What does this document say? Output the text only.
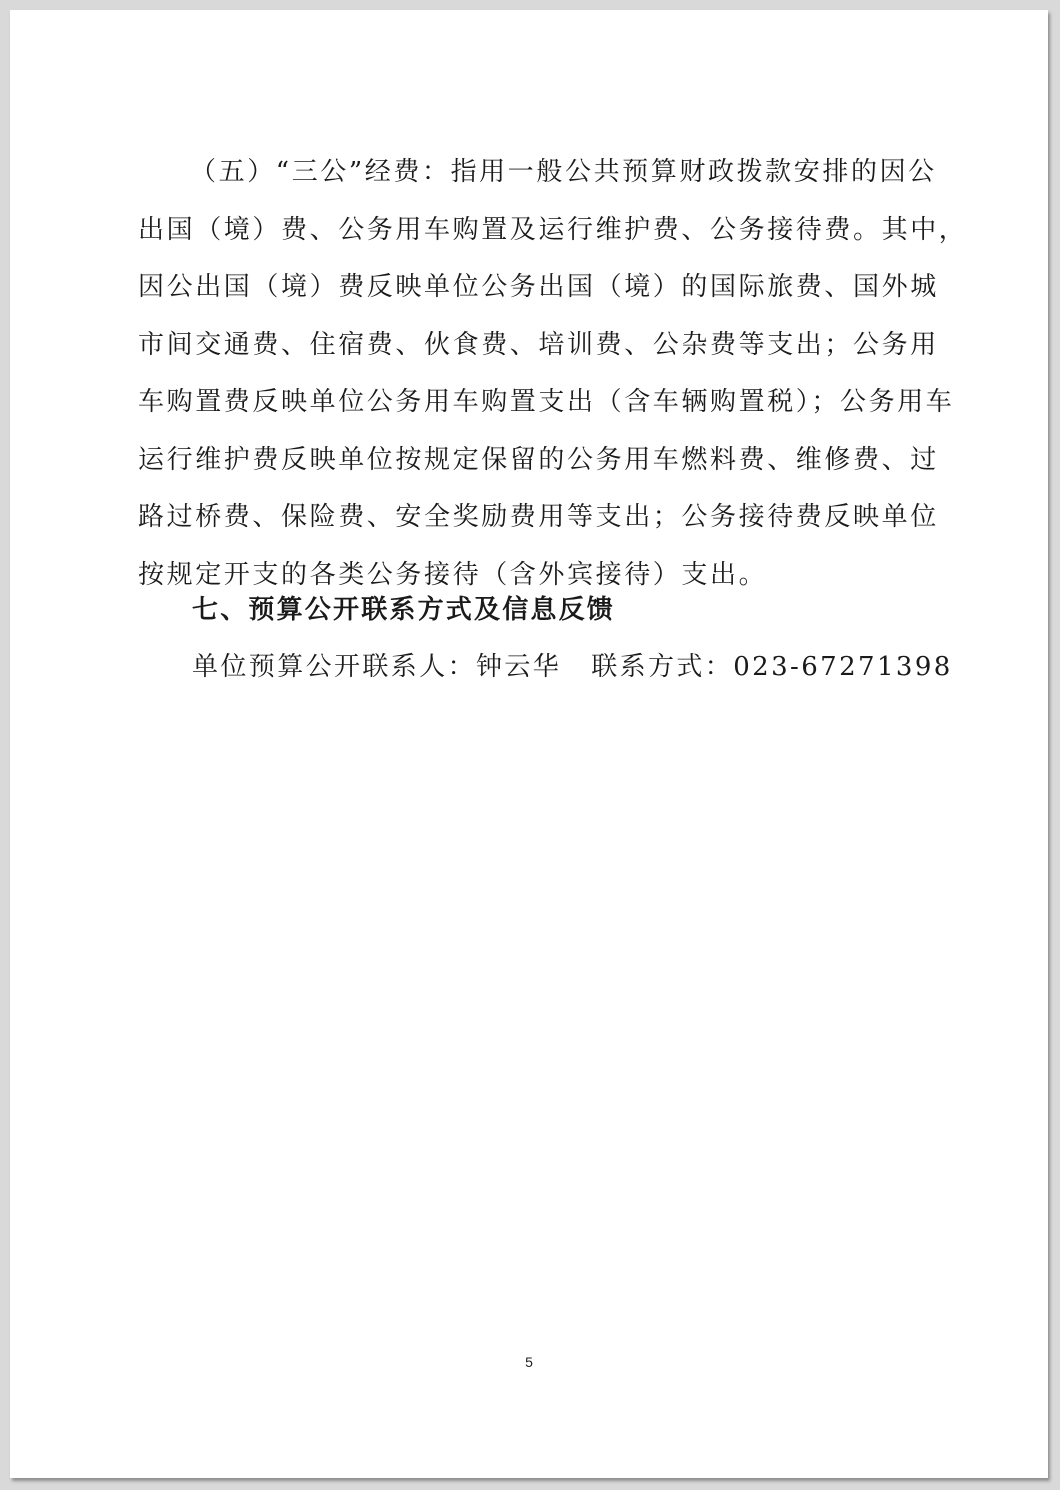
（五）“三公”经费：指用一般公共预算财政拨款安排的因公
出国（境）费、公务用车购置及运行维护费、公务接待费。其中，
因公出国（境）费反映单位公务出国（境）的国际旅费、国外城
市间交通费、住宿费、伙食费、培训费、公杂费等支出；公务用
车购置费反映单位公务用车购置支出（含车辆购置税）；公务用车
运行维护费反映单位按规定保留的公务用车燃料费、维修费、过
路过桥费、保险费、安全奖励费用等支出；公务接待费反映单位
按规定开支的各类公务接待（含外宾接待）支出。

七、预算公开联系方式及信息反馈

单位预算公开联系人：钟云华 联系方式：023-67271398

5
